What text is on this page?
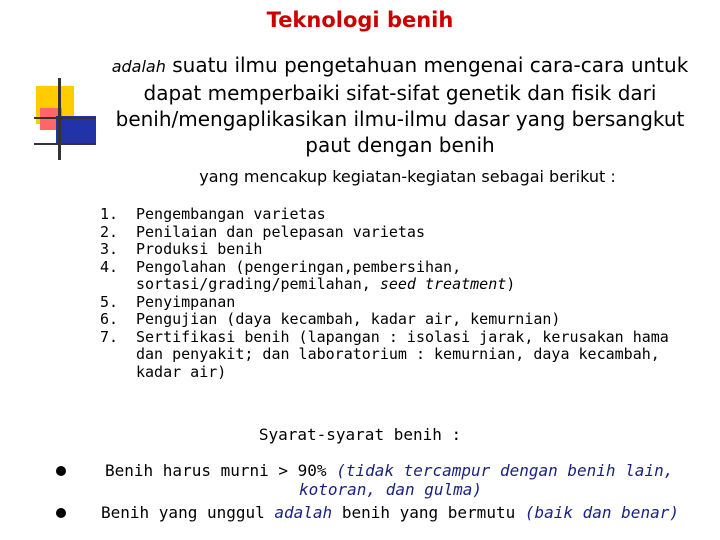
Teknologi benih
adalah suatu ilmu pengetahuan mengenai cara-cara untuk
dapat memperbaiki sifat-sifat genetik dan fisik dari
benih/mengaplikasikan ilmu-ilmu dasar yang bersangkut
paut dengan benih
yang mencakup kegiatan-kegiatan sebagai berikut :
1.	Pengembangan varietas
2.	Penilaian dan pelepasan varietas
3.	Produksi benih
4.	Pengolahan (pengeringan,pembersihan,
sortasi/grading/pemilahan, seed treatment)
5.	Penyimpanan
6.	Pengujian (daya kecambah, kadar air, kemurnian)
7.	Sertifikasi benih (lapangan : isolasi jarak, kerusakan hama
dan penyakit; dan laboratorium : kemurnian, daya kecambah,
kadar air)
Syarat-syarat benih :
Benih harus murni > 90% (tidak tercampur dengan benih lain,
kotoran, dan gulma)
Benih yang unggul adalah benih yang bermutu (baik dan benar)
